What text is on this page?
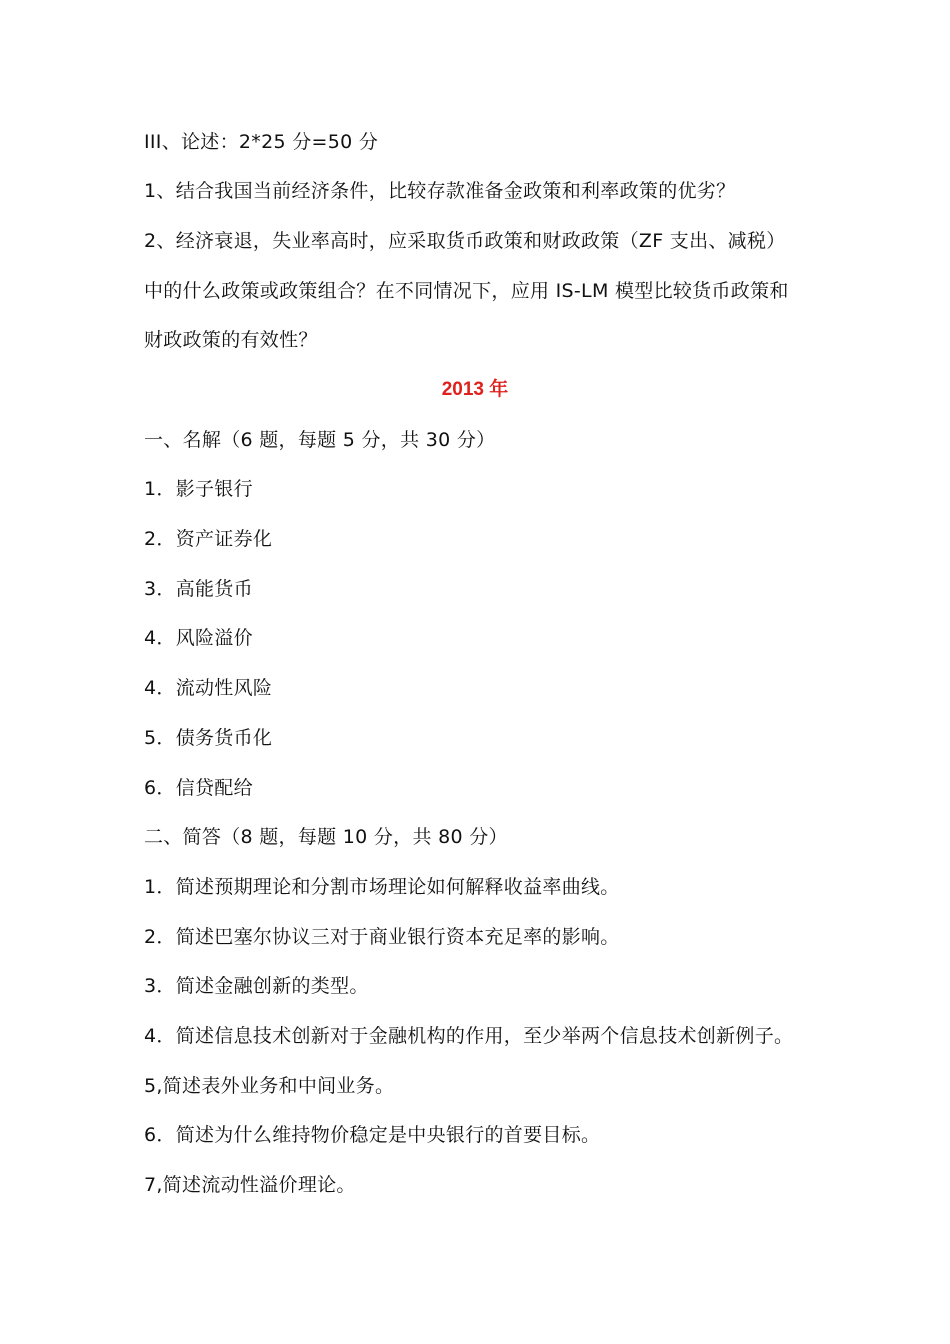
III、论述：2*25 分=50 分
1、结合我国当前经济条件，比较存款准备金政策和利率政策的优劣？
2、经济衰退，失业率高时，应采取货币政策和财政政策（ZF 支出、减税）
中的什么政策或政策组合？在不同情况下，应用 IS-LM 模型比较货币政策和
财政政策的有效性？
2013 年
一、名解（6 题，每题 5 分，共 30 分）
1．影子银行
2．资产证券化
3．高能货币
4．风险溢价
4．流动性风险
5．债务货币化
6．信贷配给
二、简答（8 题，每题 10 分，共 80 分）
1．简述预期理论和分割市场理论如何解释收益率曲线。
2．简述巴塞尔协议三对于商业银行资本充足率的影响。
3．简述金融创新的类型。
4．简述信息技术创新对于金融机构的作用，至少举两个信息技术创新例子。
5,简述表外业务和中间业务。
6．简述为什么维持物价稳定是中央银行的首要目标。
7,简述流动性溢价理论。
